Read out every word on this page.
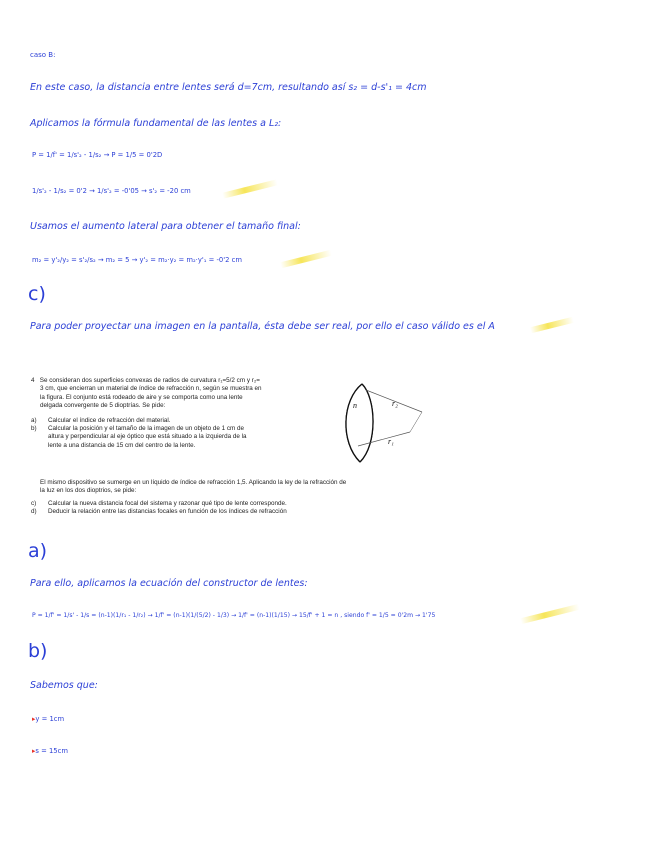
caso B:
En este caso, la distancia entre lentes será d=7cm, resultando así s₂ = d-s'₁ = 4cm
Aplicamos la fórmula fundamental de las lentes a L₂:
P = 1/f' = 1/s'₂ - 1/s₂ → P = 1/5 = 0'2D
1/s'₂ - 1/s₂ = 0'2 → 1/s'₂ = -0'05 → s'₂ = -20 cm
Usamos el aumento lateral para obtener el tamaño final:
m₂ = y'₂/y₂ = s'₂/s₂ → m₂ = 5 → y'₂ = m₂·y₂ = m₂·y'₁ = -0'2 cm
c)
Para poder proyectar una imagen en la pantalla, ésta debe ser real, por ello el caso válido es el A

4 Se consideran dos superficies convexas de radios de curvatura r₁=5/2 cm y r₂=

3 cm, que encierran un material de índice de refracción n, según se muestra en

la figura. El conjunto está rodeado de aire y se comporta como una lente

delgada convergente de 5 dioptrías. Se pide:

a) Calcular el índice de refracción del material.

b) Calcular la posición y el tamaño de la imagen de un objeto de 1 cm de

altura y perpendicular al eje óptico que está situado a la izquierda de la

lente a una distancia de 15 cm del centro de la lente.

El mismo dispositivo se sumerge en un líquido de índice de refracción 1,5. Aplicando la ley de la refracción de

la luz en los dos dioptrios, se pide:

c) Calcular la nueva distancia focal del sistema y razonar qué tipo de lente corresponde.

d) Deducir la relación entre las distancias focales en función de los índices de refracción

n	r₂
r₁
a)
Para ello, aplicamos la ecuación del constructor de lentes:
P = 1/f' = 1/s' - 1/s = (n-1)(1/r₁ - 1/r₂) → 1/f' = (n-1)(1/(5/2) - 1/3) → 1/f' = (n-1)(1/15) → 15/f' + 1 = n , siendo f' = 1/5 = 0'2m → 1'75
b)
Sabemos que:
▸y = 1cm
▸s = 15cm
